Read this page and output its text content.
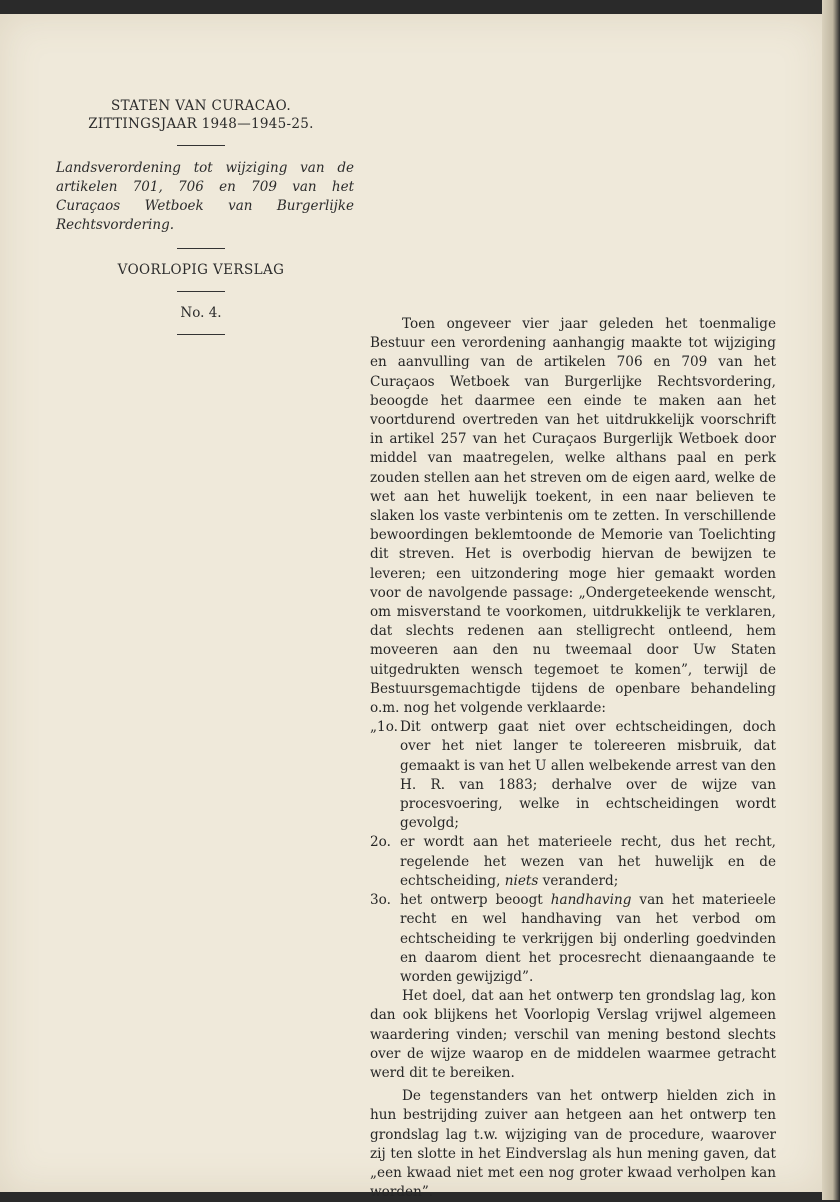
STATEN VAN CURACAO.
ZITTINGSJAAR 1948—1945-25.
Landsverordening tot wijziging van de artikelen 701, 706 en 709 van het Curaçaos Wetboek van Burgerlijke Rechtsvordering.
VOORLOPIG VERSLAG
No. 4.

Toen ongeveer vier jaar geleden het toenmalige Bestuur een verordening aanhangig maakte tot wijziging en aanvulling van de artikelen 706 en 709 van het Curaçaos Wetboek van Burgerlijke Rechtsvordering, beoogde het daarmee een einde te maken aan het voortdurend overtreden van het uitdrukkelijk voorschrift in artikel 257 van het Curaçaos Burgerlijk Wetboek door middel van maatregelen, welke althans paal en perk zouden stellen aan het streven om de eigen aard, welke de wet aan het huwelijk toekent, in een naar believen te slaken los vaste verbintenis om te zetten. In verschillende bewoordingen beklemtoonde de Memorie van Toelichting dit streven. Het is overbodig hiervan de bewijzen te leveren; een uitzondering moge hier gemaakt worden voor de navolgende passage: „Ondergeteekende wenscht, om misverstand te voorkomen, uitdrukkelijk te verklaren, dat slechts redenen aan stelligrecht ontleend, hem moveeren aan den nu tweemaal door Uw Staten uitgedrukten wensch tegemoet te komen”, terwijl de Bestuursgemachtigde tijdens de openbare behandeling o.m. nog het volgende verklaarde:

„1o. Dit ontwerp gaat niet over echtscheidingen, doch over het niet langer te tolereeren misbruik, dat gemaakt is van het U allen welbekende arrest van den H. R. van 1883; derhalve over de wijze van procesvoering, welke in echtscheidingen wordt gevolgd;
2o. er wordt aan het materieele recht, dus het recht, regelende het wezen van het huwelijk en de echtscheiding, niets veranderd;
3o. het ontwerp beoogt handhaving van het materieele recht en wel handhaving van het verbod om echtscheiding te verkrijgen bij onderling goedvinden en daarom dient het procesrecht dienaangaande te worden gewijzigd”.

Het doel, dat aan het ontwerp ten grondslag lag, kon dan ook blijkens het Voorlopig Verslag vrijwel algemeen waardering vinden; verschil van mening bestond slechts over de wijze waarop en de middelen waarmee getracht werd dit te bereiken.

De tegenstanders van het ontwerp hielden zich in hun bestrijding zuiver aan hetgeen aan het ontwerp ten grondslag lag t.w. wijziging van de procedure, waarover zij ten slotte in het Eindverslag als hun mening gaven, dat „een kwaad niet met een nog groter kwaad verholpen kan worden”.
